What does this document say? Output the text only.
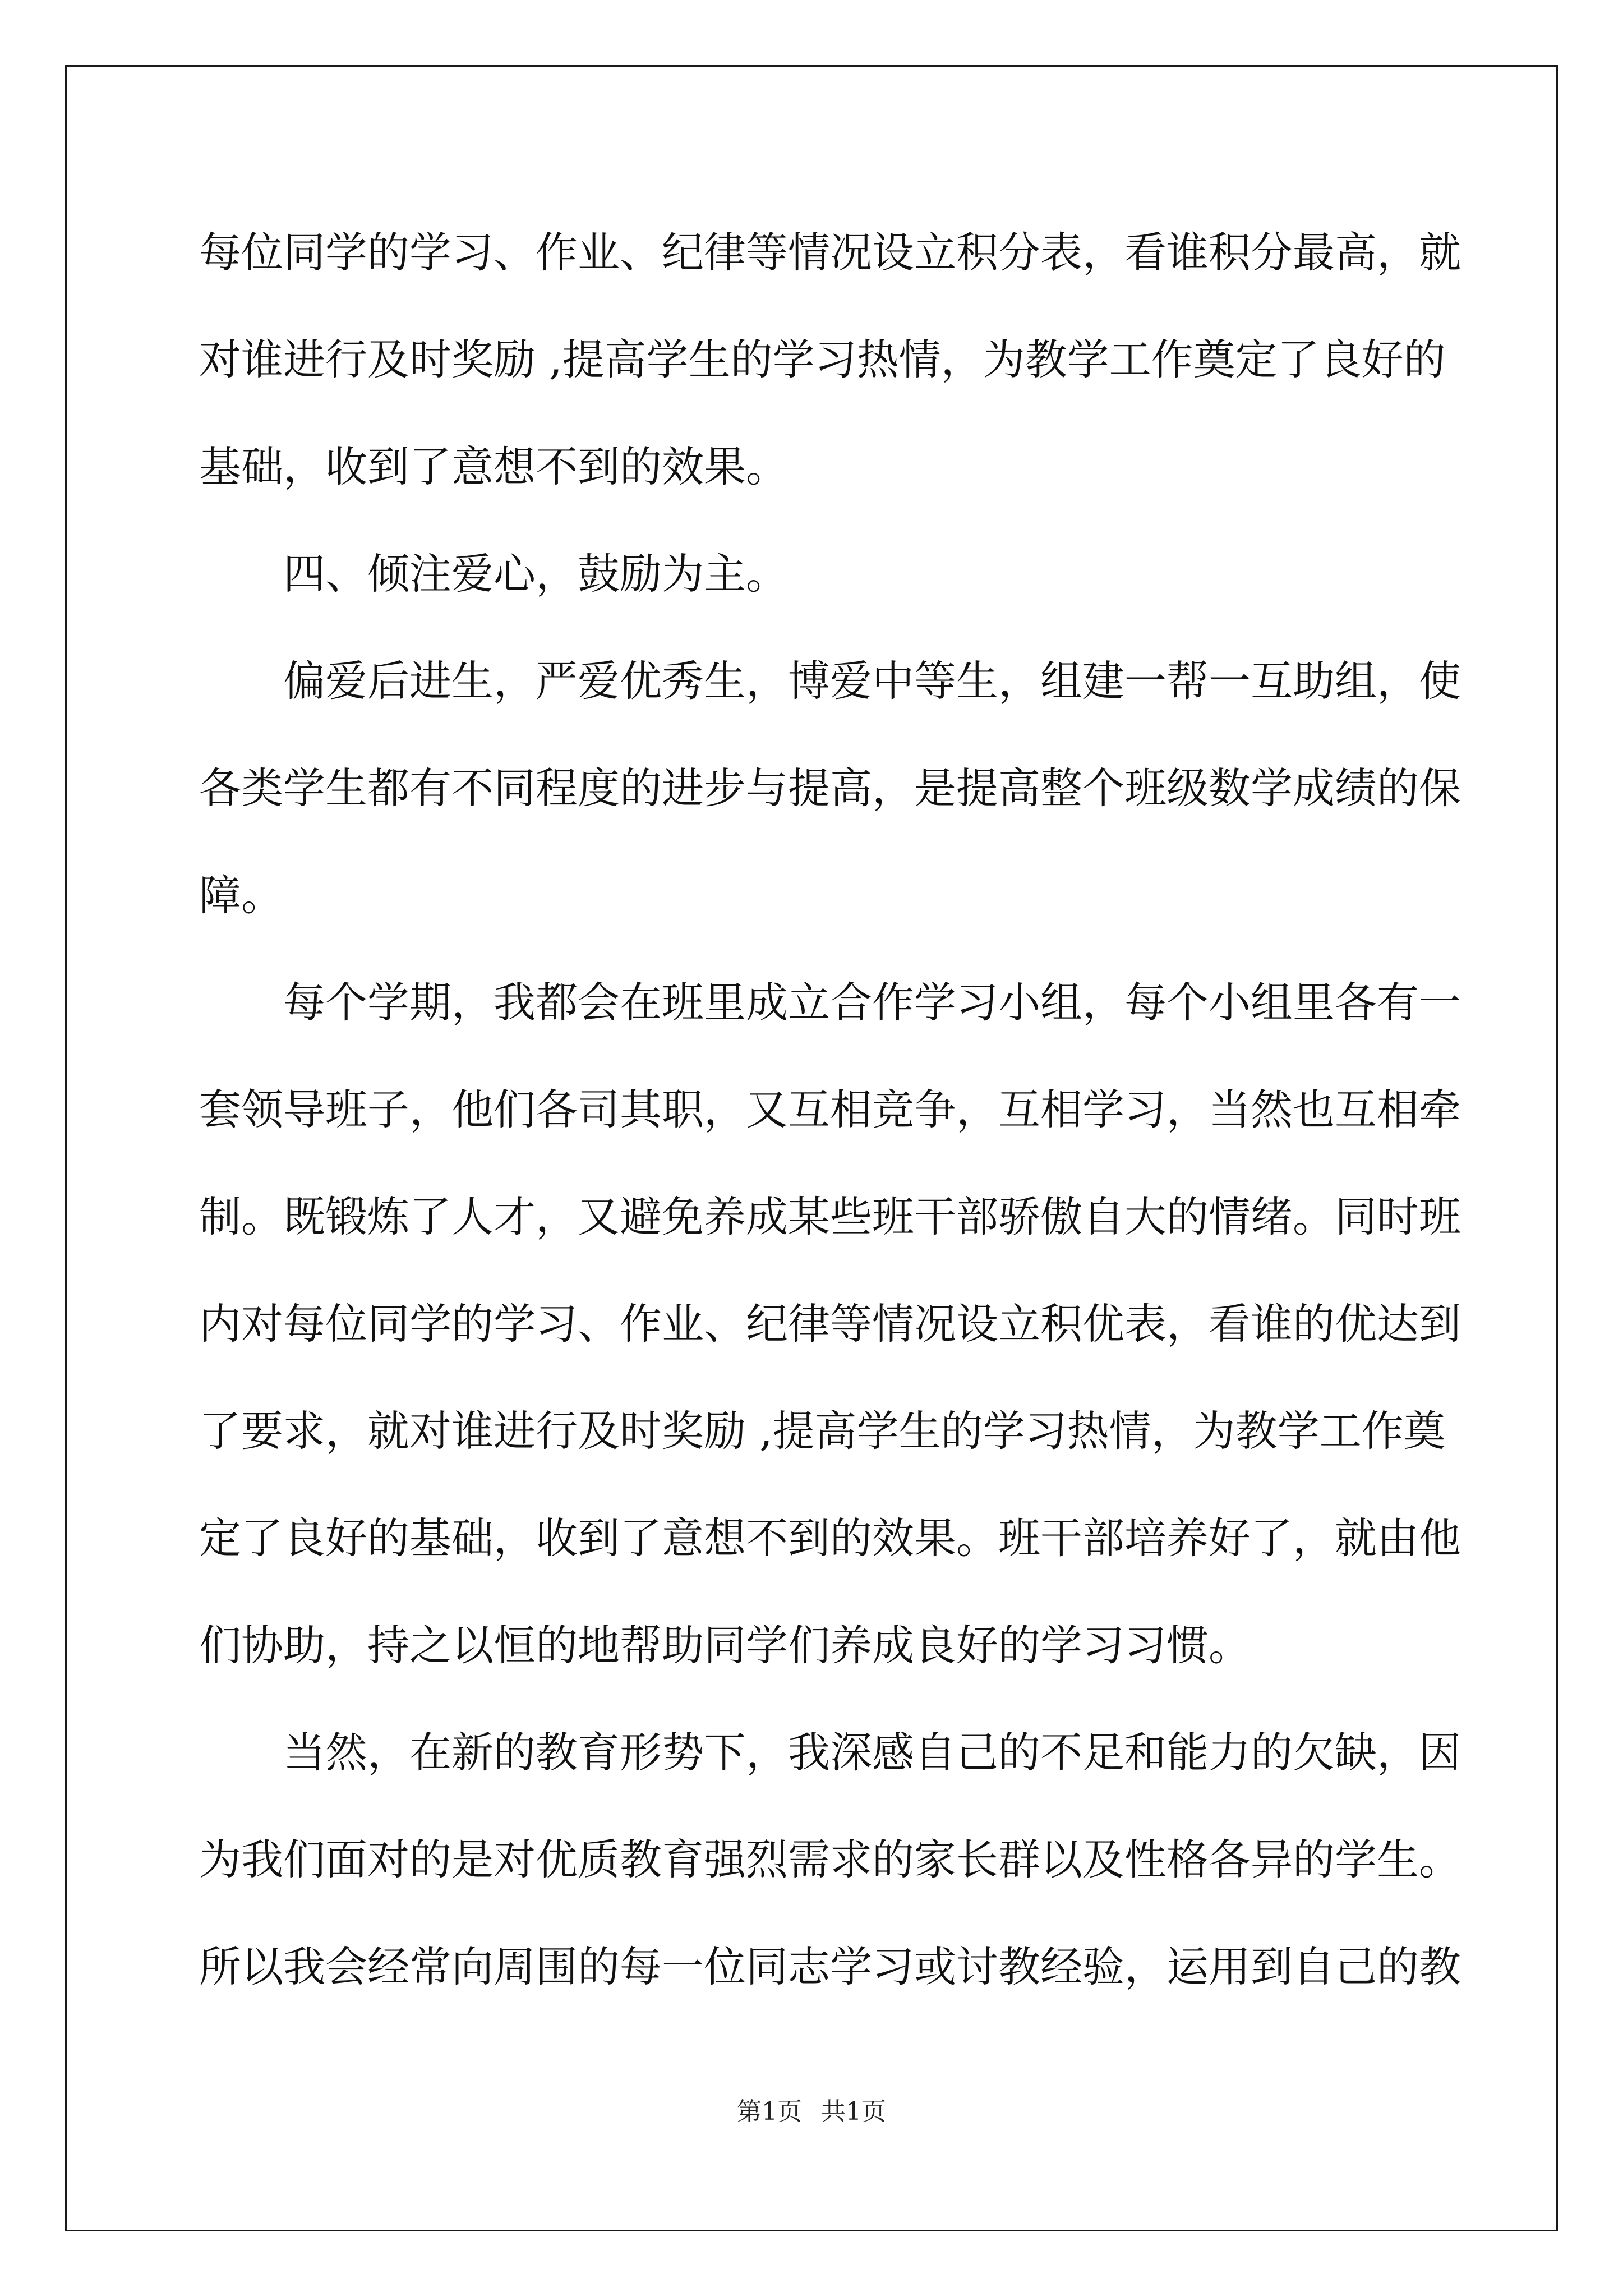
每位同学的学习、作业、纪律等情况设立积分表，看谁积分最高，就
对谁进行及时奖励 ,提高学生的学习热情，为教学工作奠定了良好的
基础，收到了意想不到的效果。
四、倾注爱心，鼓励为主。
偏爱后进生，严爱优秀生，博爱中等生，组建一帮一互助组，使
各类学生都有不同程度的进步与提高，是提高整个班级数学成绩的保
障。
每个学期，我都会在班里成立合作学习小组，每个小组里各有一
套领导班子，他们各司其职，又互相竞争，互相学习，当然也互相牵
制。既锻炼了人才，又避免养成某些班干部骄傲自大的情绪。同时班
内对每位同学的学习、作业、纪律等情况设立积优表，看谁的优达到
了要求，就对谁进行及时奖励 ,提高学生的学习热情，为教学工作奠
定了良好的基础，收到了意想不到的效果。班干部培养好了，就由他
们协助，持之以恒的地帮助同学们养成良好的学习习惯。
当然，在新的教育形势下，我深感自己的不足和能力的欠缺，因
为我们面对的是对优质教育强烈需求的家长群以及性格各异的学生。
所以我会经常向周围的每一位同志学习或讨教经验，运用到自己的教
第1页 共1页
